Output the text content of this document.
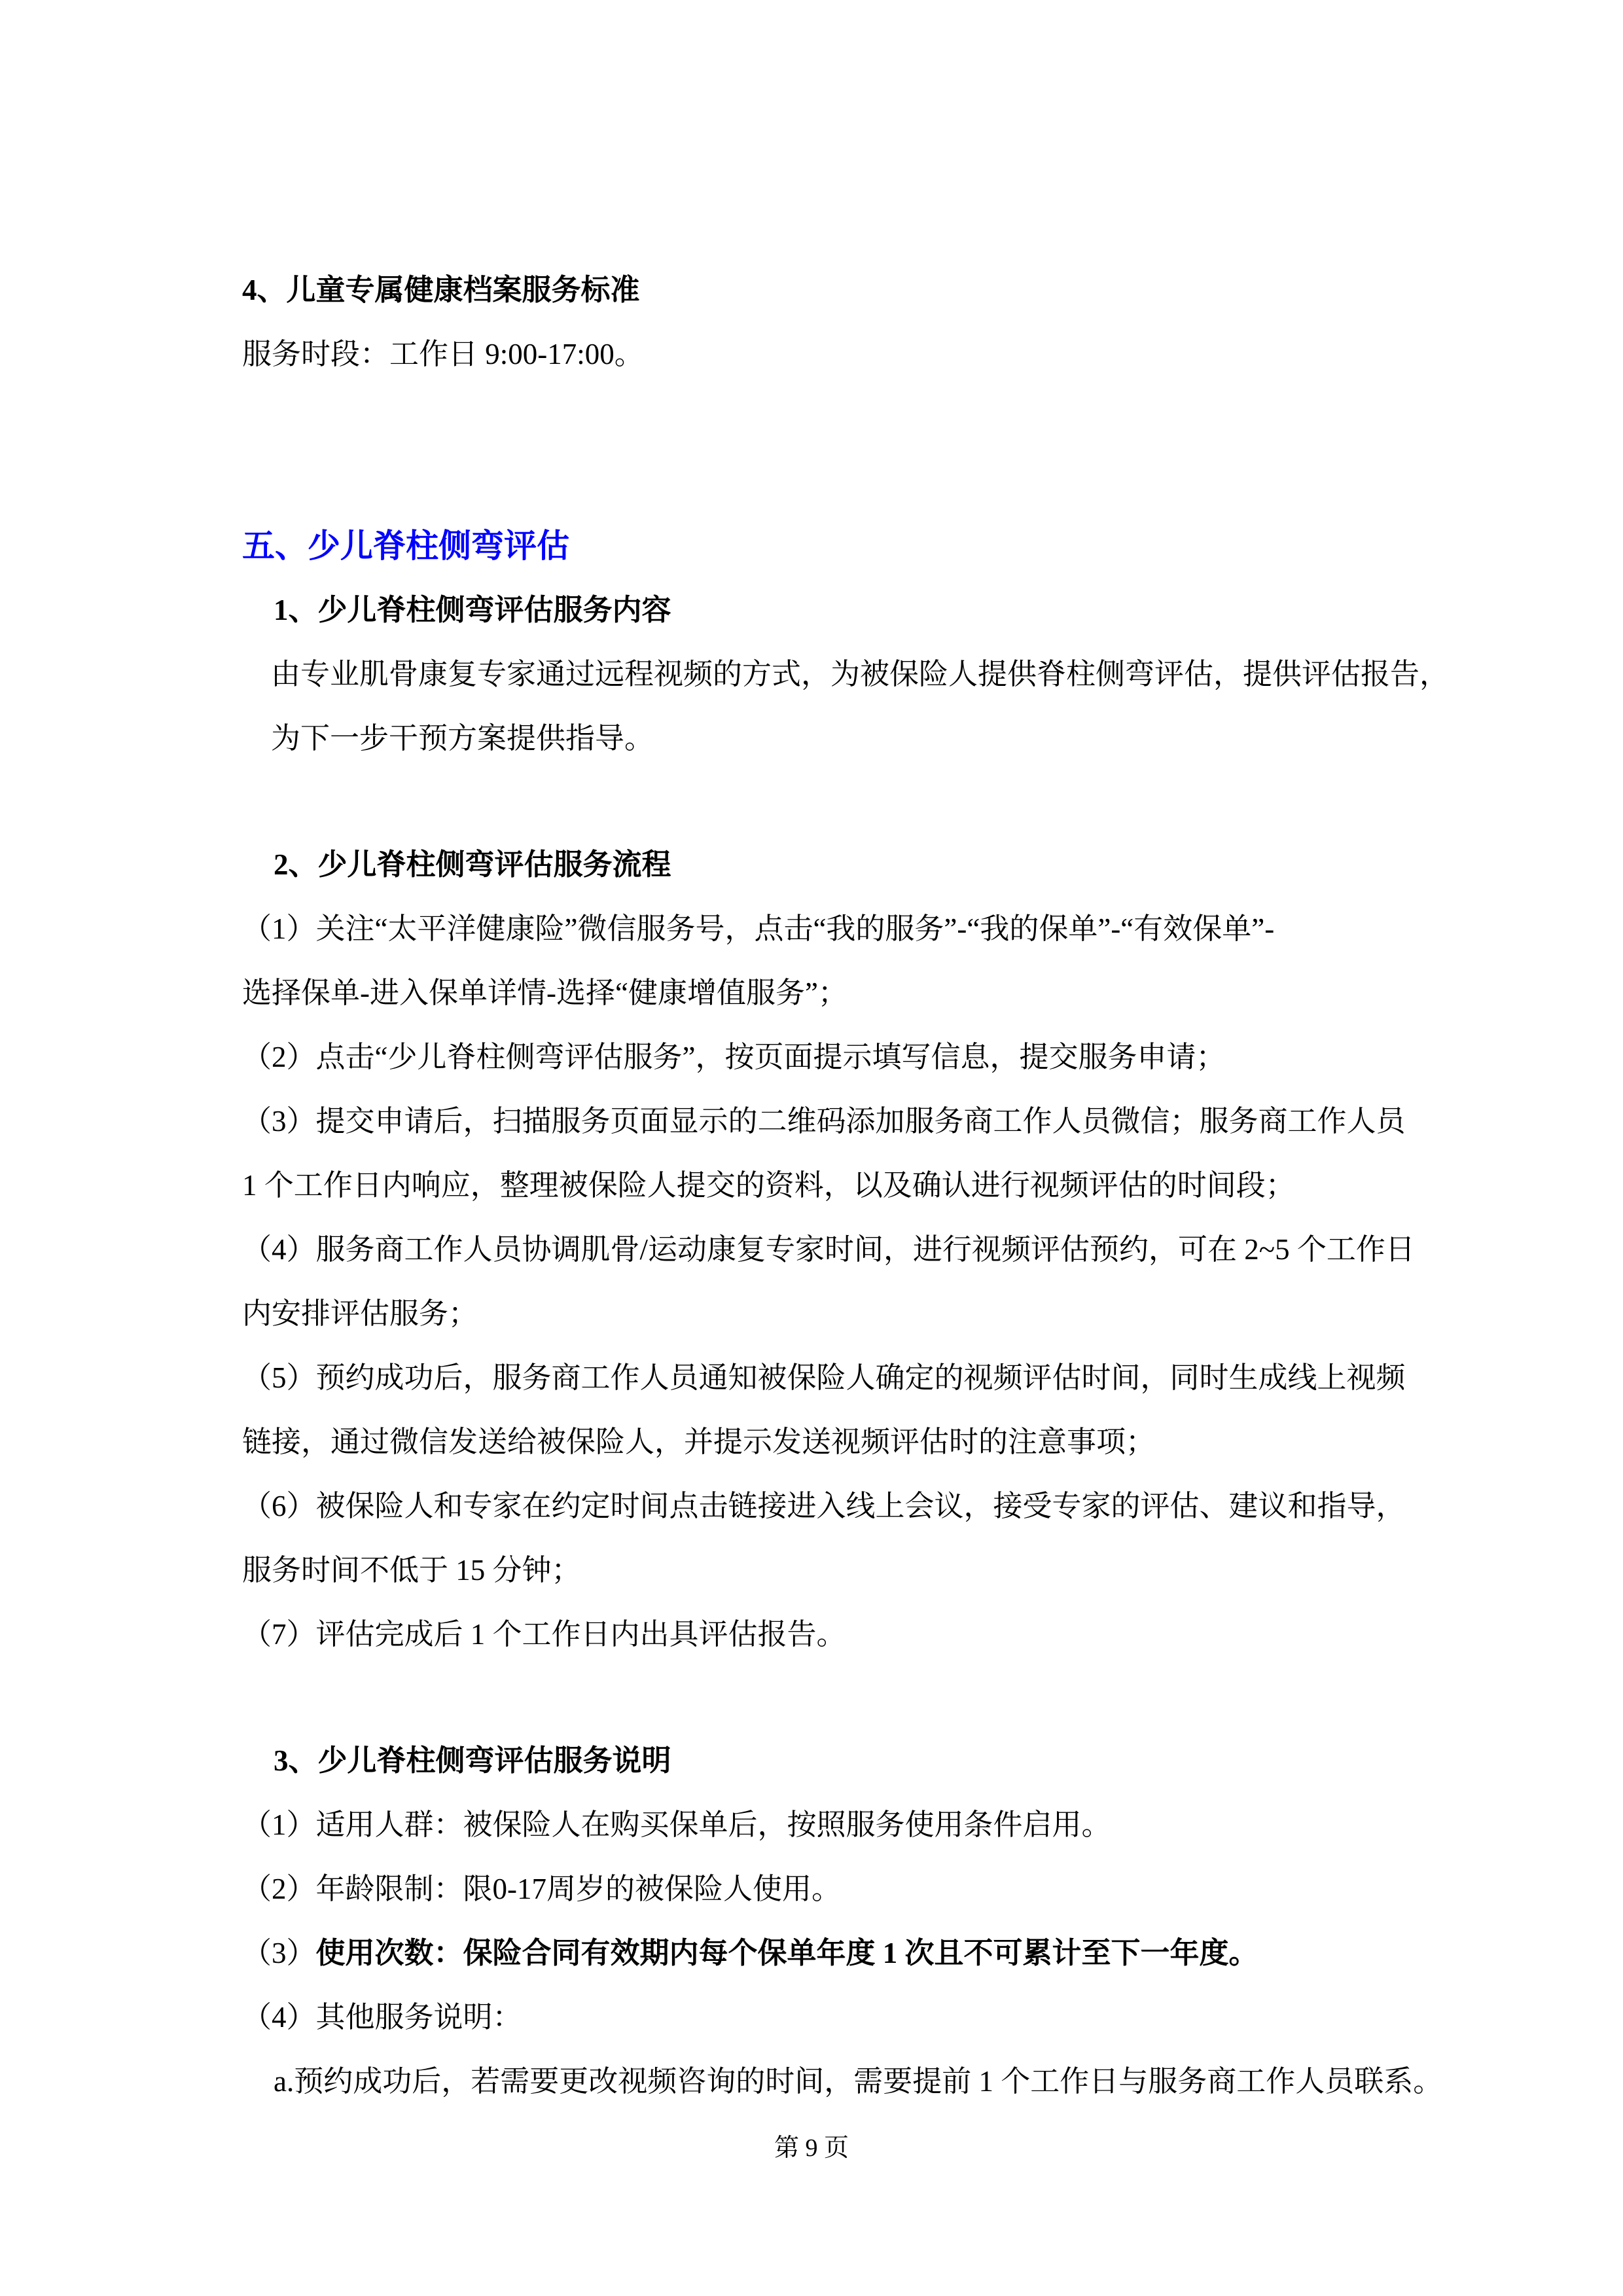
4、儿童专属健康档案服务标准
服务时段：工作日 9:00-17:00。
五、少儿脊柱侧弯评估
1、少儿脊柱侧弯评估服务内容
由专业肌骨康复专家通过远程视频的方式，为被保险人提供脊柱侧弯评估，提供评估报告，
为下一步干预方案提供指导。
2、少儿脊柱侧弯评估服务流程
（1）关注“太平洋健康险”微信服务号，点击“我的服务”-“我的保单”-“有效保单”-
选择保单-进入保单详情-选择“健康增值服务”；
（2）点击“少儿脊柱侧弯评估服务”，按页面提示填写信息，提交服务申请；
（3）提交申请后，扫描服务页面显示的二维码添加服务商工作人员微信；服务商工作人员
1 个工作日内响应，整理被保险人提交的资料，以及确认进行视频评估的时间段；
（4）服务商工作人员协调肌骨/运动康复专家时间，进行视频评估预约，可在 2~5 个工作日
内安排评估服务；
（5）预约成功后，服务商工作人员通知被保险人确定的视频评估时间，同时生成线上视频
链接，通过微信发送给被保险人，并提示发送视频评估时的注意事项；
（6）被保险人和专家在约定时间点击链接进入线上会议，接受专家的评估、建议和指导，
服务时间不低于 15 分钟；
（7）评估完成后 1 个工作日内出具评估报告。
3、少儿脊柱侧弯评估服务说明
（1）适用人群：被保险人在购买保单后，按照服务使用条件启用。
（2）年龄限制：限0-17周岁的被保险人使用。
（3）使用次数：保险合同有效期内每个保单年度 1 次且不可累计至下一年度。
（4）其他服务说明：
a.预约成功后，若需要更改视频咨询的时间，需要提前 1 个工作日与服务商工作人员联系。
第 9 页
